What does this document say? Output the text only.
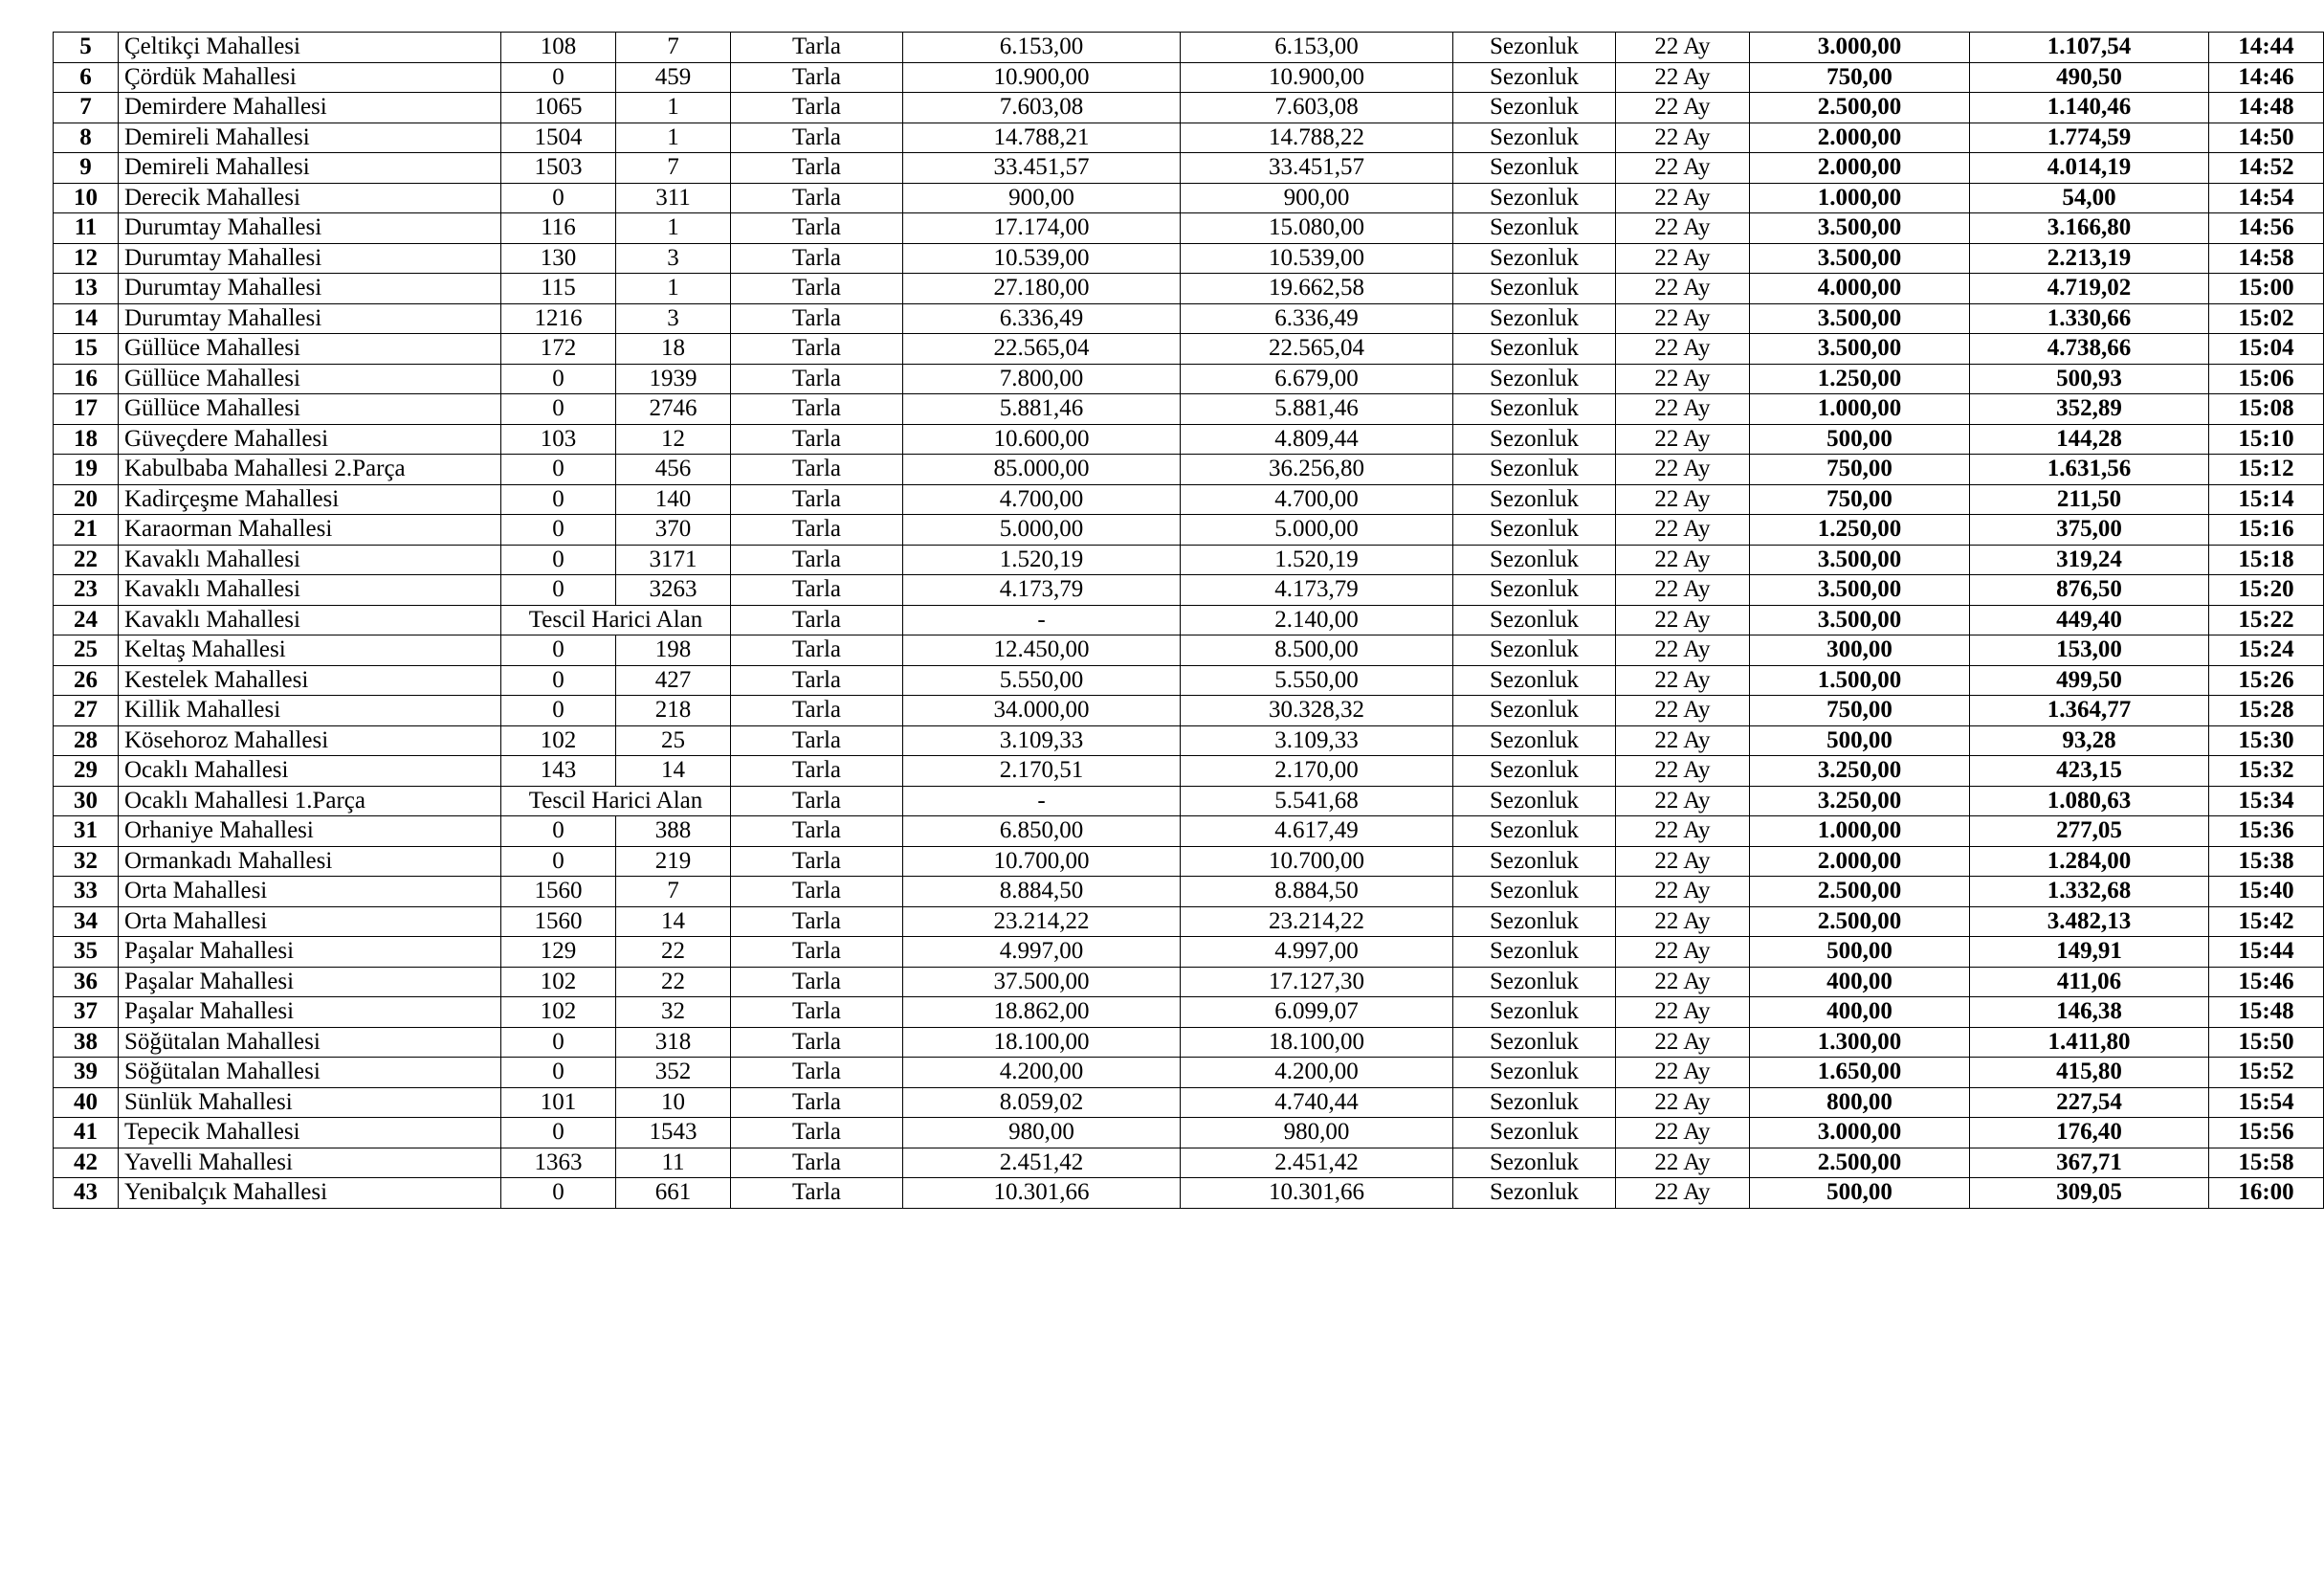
5	Çeltikçi Mahallesi	108	7	Tarla	6.153,00	6.153,00	Sezonluk	22 Ay	3.000,00	1.107,54	14:44
6	Çördük Mahallesi	0	459	Tarla	10.900,00	10.900,00	Sezonluk	22 Ay	750,00	490,50	14:46
7	Demirdere Mahallesi	1065	1	Tarla	7.603,08	7.603,08	Sezonluk	22 Ay	2.500,00	1.140,46	14:48
8	Demireli Mahallesi	1504	1	Tarla	14.788,21	14.788,22	Sezonluk	22 Ay	2.000,00	1.774,59	14:50
9	Demireli Mahallesi	1503	7	Tarla	33.451,57	33.451,57	Sezonluk	22 Ay	2.000,00	4.014,19	14:52
10	Derecik Mahallesi	0	311	Tarla	900,00	900,00	Sezonluk	22 Ay	1.000,00	54,00	14:54
11	Durumtay Mahallesi	116	1	Tarla	17.174,00	15.080,00	Sezonluk	22 Ay	3.500,00	3.166,80	14:56
12	Durumtay Mahallesi	130	3	Tarla	10.539,00	10.539,00	Sezonluk	22 Ay	3.500,00	2.213,19	14:58
13	Durumtay Mahallesi	115	1	Tarla	27.180,00	19.662,58	Sezonluk	22 Ay	4.000,00	4.719,02	15:00
14	Durumtay Mahallesi	1216	3	Tarla	6.336,49	6.336,49	Sezonluk	22 Ay	3.500,00	1.330,66	15:02
15	Güllüce Mahallesi	172	18	Tarla	22.565,04	22.565,04	Sezonluk	22 Ay	3.500,00	4.738,66	15:04
16	Güllüce Mahallesi	0	1939	Tarla	7.800,00	6.679,00	Sezonluk	22 Ay	1.250,00	500,93	15:06
17	Güllüce Mahallesi	0	2746	Tarla	5.881,46	5.881,46	Sezonluk	22 Ay	1.000,00	352,89	15:08
18	Güveçdere Mahallesi	103	12	Tarla	10.600,00	4.809,44	Sezonluk	22 Ay	500,00	144,28	15:10
19	Kabulbaba Mahallesi 2.Parça	0	456	Tarla	85.000,00	36.256,80	Sezonluk	22 Ay	750,00	1.631,56	15:12
20	Kadirçeşme Mahallesi	0	140	Tarla	4.700,00	4.700,00	Sezonluk	22 Ay	750,00	211,50	15:14
21	Karaorman Mahallesi	0	370	Tarla	5.000,00	5.000,00	Sezonluk	22 Ay	1.250,00	375,00	15:16
22	Kavaklı Mahallesi	0	3171	Tarla	1.520,19	1.520,19	Sezonluk	22 Ay	3.500,00	319,24	15:18
23	Kavaklı Mahallesi	0	3263	Tarla	4.173,79	4.173,79	Sezonluk	22 Ay	3.500,00	876,50	15:20
24	Kavaklı Mahallesi	Tescil Harici Alan		Tarla	-	2.140,00	Sezonluk	22 Ay	3.500,00	449,40	15:22
25	Keltaş Mahallesi	0	198	Tarla	12.450,00	8.500,00	Sezonluk	22 Ay	300,00	153,00	15:24
26	Kestelek Mahallesi	0	427	Tarla	5.550,00	5.550,00	Sezonluk	22 Ay	1.500,00	499,50	15:26
27	Killik Mahallesi	0	218	Tarla	34.000,00	30.328,32	Sezonluk	22 Ay	750,00	1.364,77	15:28
28	Kösehoroz Mahallesi	102	25	Tarla	3.109,33	3.109,33	Sezonluk	22 Ay	500,00	93,28	15:30
29	Ocaklı Mahallesi	143	14	Tarla	2.170,51	2.170,00	Sezonluk	22 Ay	3.250,00	423,15	15:32
30	Ocaklı Mahallesi 1.Parça	Tescil Harici Alan		Tarla	-	5.541,68	Sezonluk	22 Ay	3.250,00	1.080,63	15:34
31	Orhaniye Mahallesi	0	388	Tarla	6.850,00	4.617,49	Sezonluk	22 Ay	1.000,00	277,05	15:36
32	Ormankadı Mahallesi	0	219	Tarla	10.700,00	10.700,00	Sezonluk	22 Ay	2.000,00	1.284,00	15:38
33	Orta Mahallesi	1560	7	Tarla	8.884,50	8.884,50	Sezonluk	22 Ay	2.500,00	1.332,68	15:40
34	Orta Mahallesi	1560	14	Tarla	23.214,22	23.214,22	Sezonluk	22 Ay	2.500,00	3.482,13	15:42
35	Paşalar Mahallesi	129	22	Tarla	4.997,00	4.997,00	Sezonluk	22 Ay	500,00	149,91	15:44
36	Paşalar Mahallesi	102	22	Tarla	37.500,00	17.127,30	Sezonluk	22 Ay	400,00	411,06	15:46
37	Paşalar Mahallesi	102	32	Tarla	18.862,00	6.099,07	Sezonluk	22 Ay	400,00	146,38	15:48
38	Söğütalan Mahallesi	0	318	Tarla	18.100,00	18.100,00	Sezonluk	22 Ay	1.300,00	1.411,80	15:50
39	Söğütalan Mahallesi	0	352	Tarla	4.200,00	4.200,00	Sezonluk	22 Ay	1.650,00	415,80	15:52
40	Sünlük Mahallesi	101	10	Tarla	8.059,02	4.740,44	Sezonluk	22 Ay	800,00	227,54	15:54
41	Tepecik Mahallesi	0	1543	Tarla	980,00	980,00	Sezonluk	22 Ay	3.000,00	176,40	15:56
42	Yavelli Mahallesi	1363	11	Tarla	2.451,42	2.451,42	Sezonluk	22 Ay	2.500,00	367,71	15:58
43	Yenibalçık Mahallesi	0	661	Tarla	10.301,66	10.301,66	Sezonluk	22 Ay	500,00	309,05	16:00
